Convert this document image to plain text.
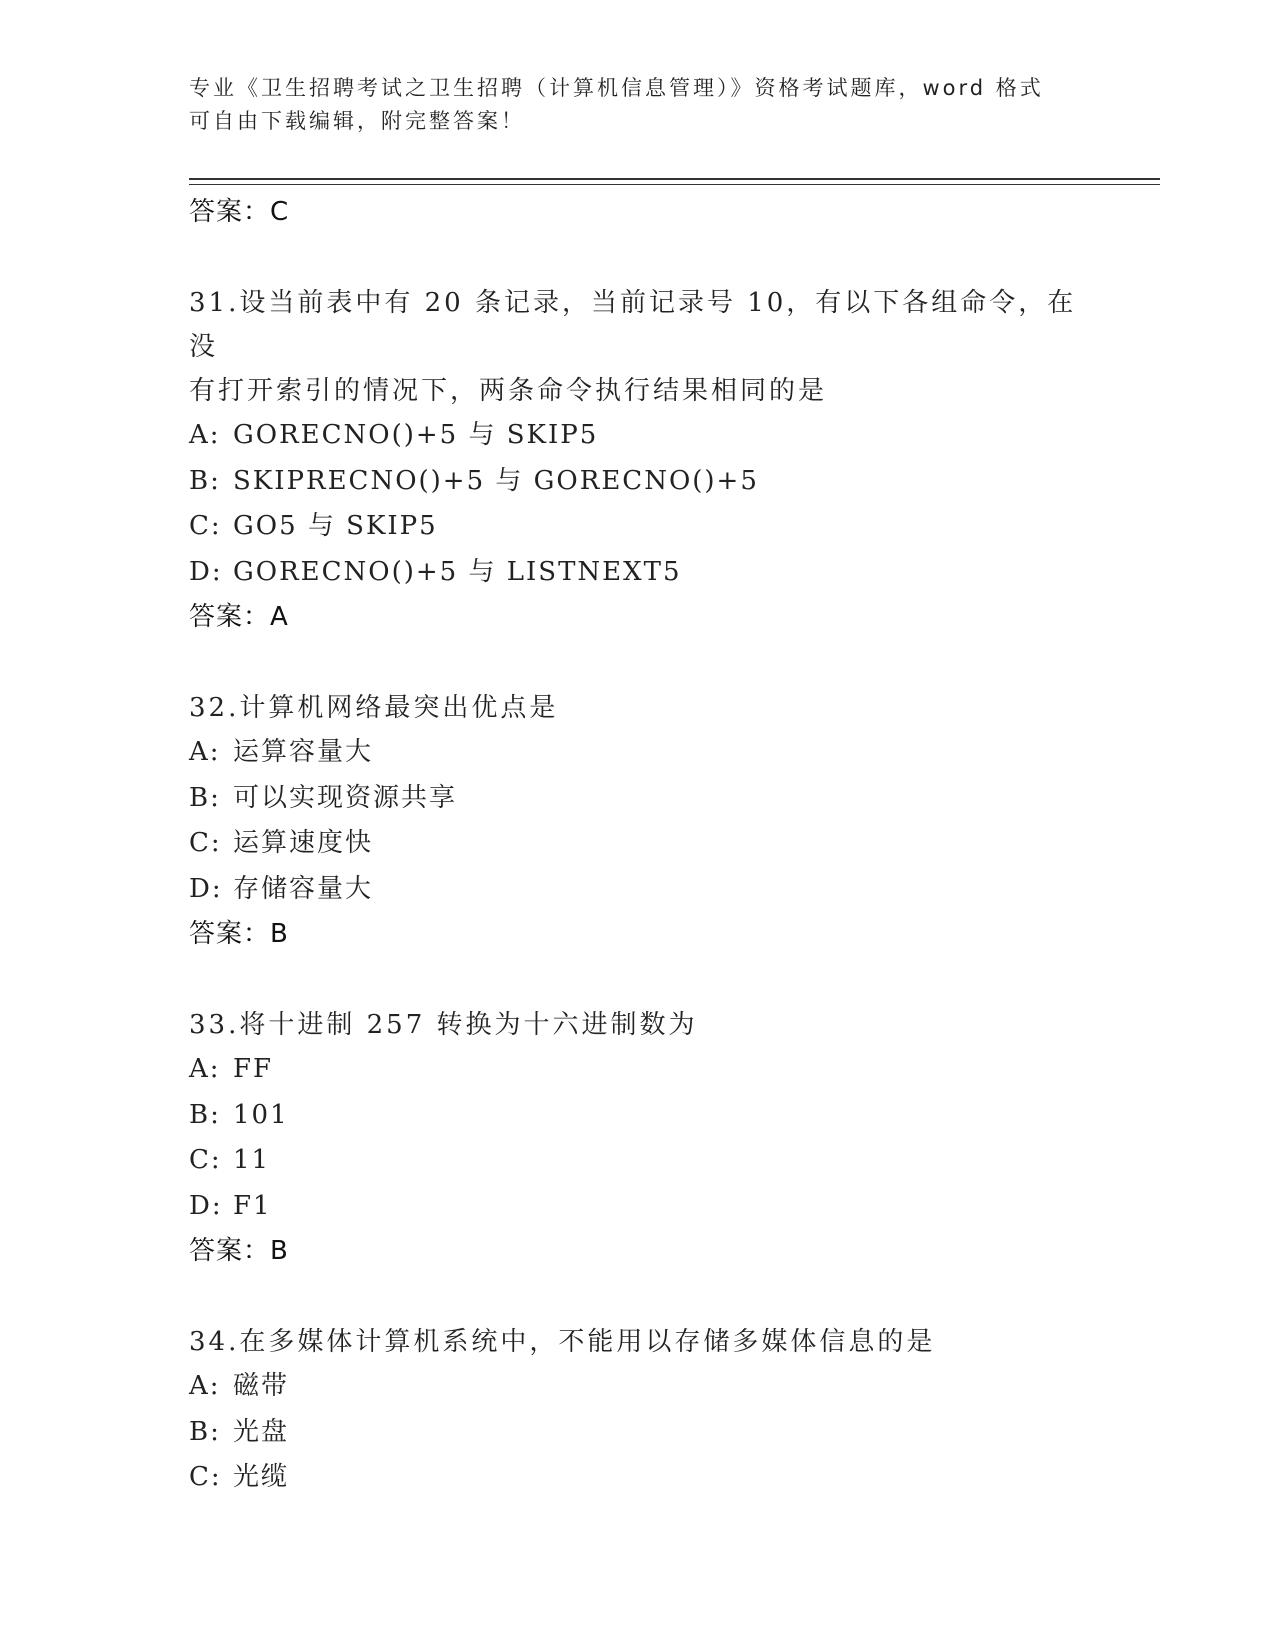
专业《卫生招聘考试之卫生招聘（计算机信息管理）》资格考试题库，word 格式
可自由下载编辑，附完整答案！
答案：C
31.设当前表中有 20 条记录，当前记录号 10，有以下各组命令，在没
有打开索引的情况下，两条命令执行结果相同的是
A: GORECNO()+5 与 SKIP5
B: SKIPRECNO()+5 与 GORECNO()+5
C: GO5 与 SKIP5
D: GORECNO()+5 与 LISTNEXT5
答案：A
32.计算机网络最突出优点是
A: 运算容量大
B: 可以实现资源共享
C: 运算速度快
D: 存储容量大
答案：B
33.将十进制 257 转换为十六进制数为
A: FF
B: 101
C: 11
D: F1
答案：B
34.在多媒体计算机系统中，不能用以存储多媒体信息的是
A: 磁带
B: 光盘
C: 光缆
